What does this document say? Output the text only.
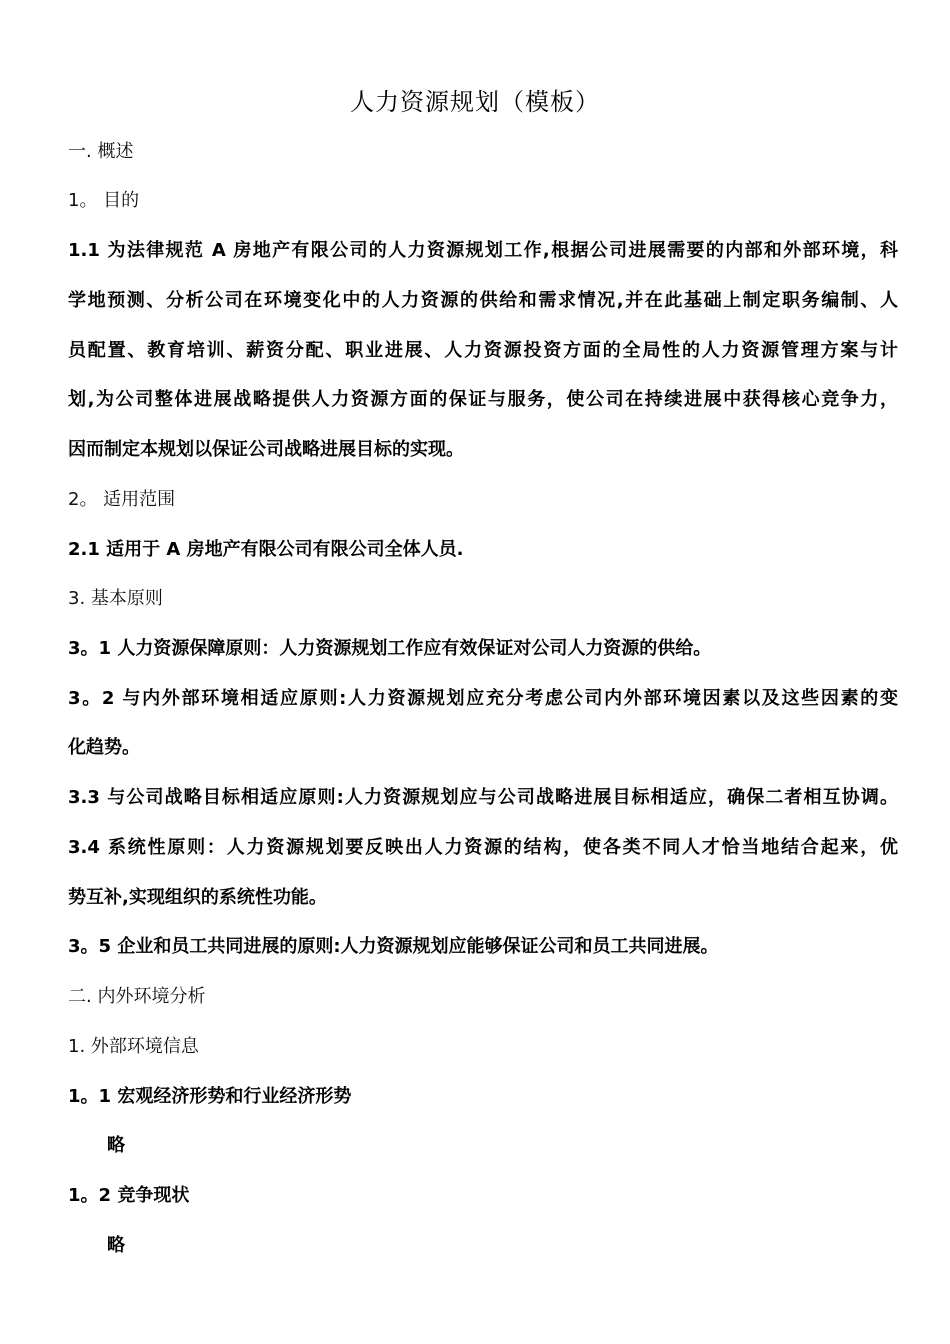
人力资源规划（模板）
一. 概述
1。 目的
1.1 为法律规范 A 房地产有限公司的人力资源规划工作,根据公司进展需要的内部和外部环境，科
学地预测、分析公司在环境变化中的人力资源的供给和需求情况,并在此基础上制定职务编制、人
员配置、教育培训、薪资分配、职业进展、人力资源投资方面的全局性的人力资源管理方案与计
划,为公司整体进展战略提供人力资源方面的保证与服务，使公司在持续进展中获得核心竞争力，
因而制定本规划以保证公司战略进展目标的实现。
2。 适用范围
2.1 适用于 A 房地产有限公司有限公司全体人员.
3. 基本原则
3。1 人力资源保障原则：人力资源规划工作应有效保证对公司人力资源的供给。
3。2 与内外部环境相适应原则:人力资源规划应充分考虑公司内外部环境因素以及这些因素的变
化趋势。
3.3 与公司战略目标相适应原则:人力资源规划应与公司战略进展目标相适应，确保二者相互协调。
3.4 系统性原则：人力资源规划要反映出人力资源的结构，使各类不同人才恰当地结合起来，优
势互补,实现组织的系统性功能。
3。5 企业和员工共同进展的原则:人力资源规划应能够保证公司和员工共同进展。
二. 内外环境分析
1. 外部环境信息
1。1 宏观经济形势和行业经济形势
略
1。2 竞争现状
略
